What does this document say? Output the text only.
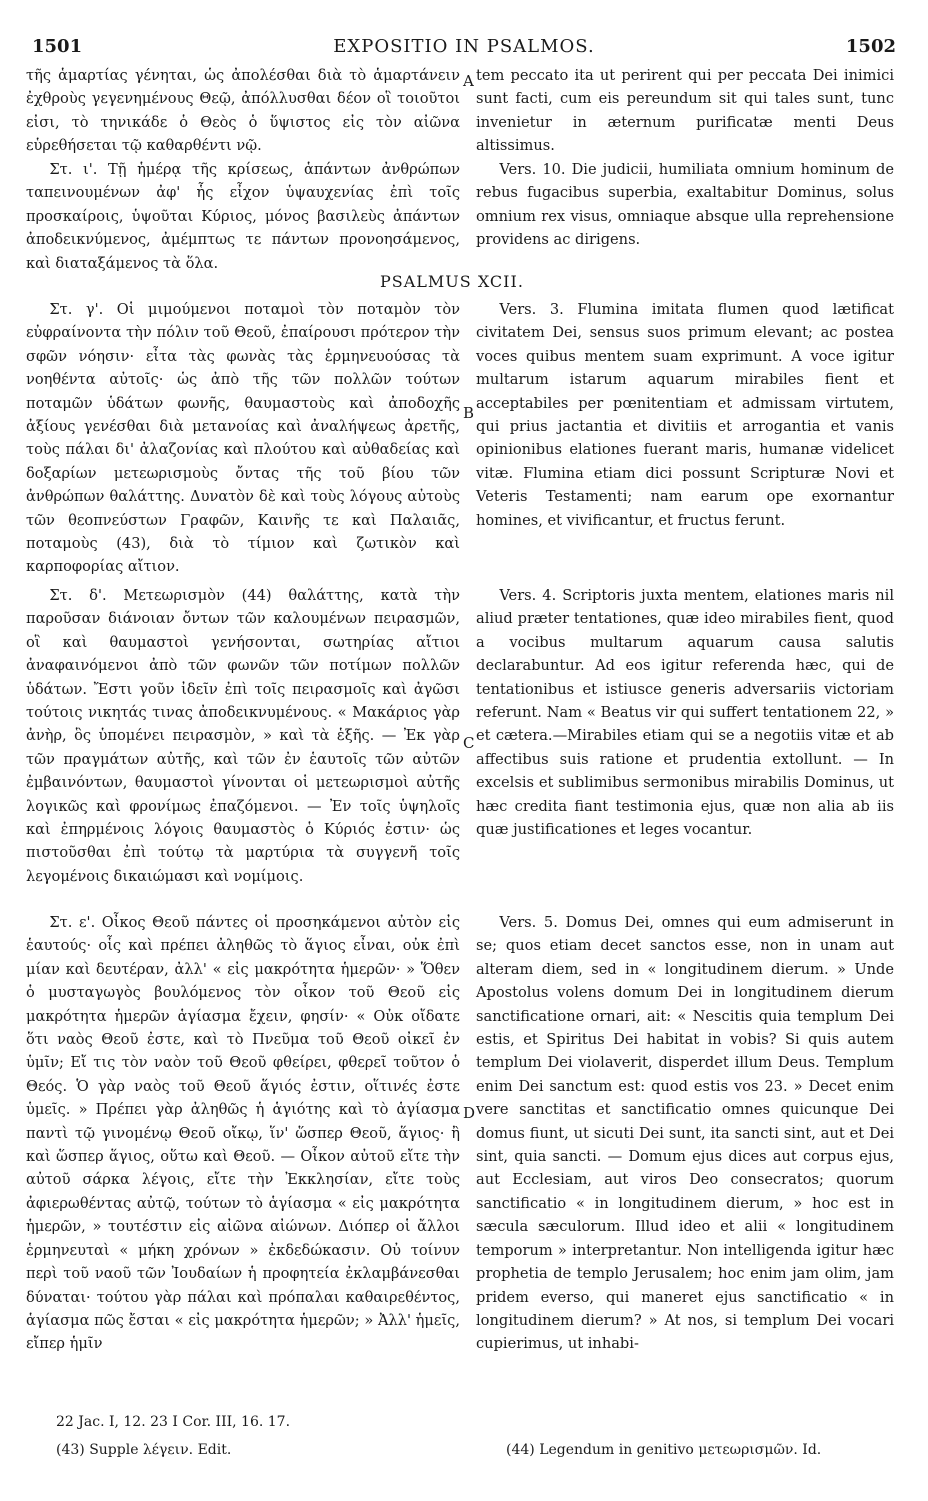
1501	EXPOSITIO IN PSALMOS.	1502

τῆς ἁμαρτίας γένηται, ὡς ἀπολέσθαι διὰ τὸ ἁμαρτάνειν ἐχθροὺς γεγενημένους Θεῷ, ἀπόλλυσθαι δέον οἳ τοιοῦτοι εἰσι, τὸ τηνικάδε ὁ Θεὸς ὁ ὕψιστος εἰς τὸν αἰῶνα εὑρεθήσεται τῷ καθαρθέντι νῷ.

Στ. ι'. Τῇ ἡμέρᾳ τῆς κρίσεως, ἁπάντων ἀνθρώπων ταπεινουμένων ἀφ' ἧς εἶχον ὑψαυχενίας ἐπὶ τοῖς προσκαίροις, ὑψοῦται Κύριος, μόνος βασιλεὺς ἀπάντων ἀποδεικνύμενος, ἀμέμπτως τε πάντων προνοησάμενος, καὶ διαταξάμενος τὰ ὅλα.

Στ. γ'. Οἱ μιμούμενοι ποταμοὶ τὸν ποταμὸν τὸν εὐφραίνοντα τὴν πόλιν τοῦ Θεοῦ, ἐπαίρουσι πρότερον τὴν σφῶν νόησιν· εἶτα τὰς φωνὰς τὰς ἑρμηνευούσας τὰ νοηθέντα αὐτοῖς· ὡς ἀπὸ τῆς τῶν πολλῶν τούτων ποταμῶν ὑδάτων φωνῆς, θαυμαστοὺς καὶ ἀποδοχῆς ἀξίους γενέσθαι διὰ μετανοίας καὶ ἀναλήψεως ἀρετῆς, τοὺς πάλαι δι' ἀλαζονίας καὶ πλούτου καὶ αὐθαδείας καὶ δοξαρίων μετεωρισμοὺς ὄντας τῆς τοῦ βίου τῶν ἀνθρώπων θαλάττης. Δυνατὸν δὲ καὶ τοὺς λόγους αὐτοὺς τῶν θεοπνεύστων Γραφῶν, Καινῆς τε καὶ Παλαιᾶς, ποταμοὺς (43), διὰ τὸ τίμιον καὶ ζωτικὸν καὶ καρποφορίας αἴτιον.

Στ. δ'. Μετεωρισμὸν (44) θαλάττης, κατὰ τὴν παροῦσαν διάνοιαν ὄντων τῶν καλουμένων πειρασμῶν, οἳ καὶ θαυμαστοὶ γενήσονται, σωτηρίας αἴτιοι ἀναφαινόμενοι ἀπὸ τῶν φωνῶν τῶν ποτίμων πολλῶν ὑδάτων. Ἔστι γοῦν ἰδεῖν ἐπὶ τοῖς πειρασμοῖς καὶ ἀγῶσι τούτοις νικητάς τινας ἀποδεικνυμένους. « Μακάριος γὰρ ἀνὴρ, ὃς ὑπομένει πειρασμὸν, » καὶ τὰ ἑξῆς. — Ἐκ γὰρ τῶν πραγμάτων αὐτῆς, καὶ τῶν ἐν ἑαυτοῖς τῶν αὐτῶν ἐμβαινόντων, θαυμαστοὶ γίνονται οἱ μετεωρισμοὶ αὐτῆς λογικῶς καὶ φρονίμως ἐπαζόμενοι. — Ἐν τοῖς ὑψηλοῖς καὶ ἐπηρμένοις λόγοις θαυμαστὸς ὁ Κύριός ἐστιν· ὡς πιστοῦσθαι ἐπὶ τούτῳ τὰ μαρτύρια τὰ συγγενῆ τοῖς λεγομένοις δικαιώμασι καὶ νομίμοις.

Στ. ε'. Οἶκος Θεοῦ πάντες οἱ προσηκάμενοι αὐτὸν εἰς ἑαυτούς· οἷς καὶ πρέπει ἀληθῶς τὸ ἅγιος εἶναι, οὐκ ἐπὶ μίαν καὶ δευτέραν, ἀλλ' « εἰς μακρότητα ἡμερῶν· » Ὅθεν ὁ μυσταγωγὸς βουλόμενος τὸν οἶκον τοῦ Θεοῦ εἰς μακρότητα ἡμερῶν ἁγίασμα ἔχειν, φησίν· « Οὐκ οἴδατε ὅτι ναὸς Θεοῦ ἐστε, καὶ τὸ Πνεῦμα τοῦ Θεοῦ οἰκεῖ ἐν ὑμῖν; Εἴ τις τὸν ναὸν τοῦ Θεοῦ φθείρει, φθερεῖ τοῦτον ὁ Θεός. Ὁ γὰρ ναὸς τοῦ Θεοῦ ἅγιός ἐστιν, οἵτινές ἐστε ὑμεῖς. » Πρέπει γὰρ ἀληθῶς ἡ ἁγιότης καὶ τὸ ἁγίασμα παντὶ τῷ γινομένῳ Θεοῦ οἴκῳ, ἵν' ὥσπερ Θεοῦ, ἅγιος· ἢ καὶ ὥσπερ ἅγιος, οὕτω καὶ Θεοῦ. — Οἶκον αὐτοῦ εἴτε τὴν αὐτοῦ σάρκα λέγοις, εἴτε τὴν Ἐκκλησίαν, εἴτε τοὺς ἀφιερωθέντας αὐτῷ, τούτων τὸ ἁγίασμα « εἰς μακρότητα ἡμερῶν, » τουτέστιν εἰς αἰῶνα αἰώνων. Διόπερ οἱ ἄλλοι ἑρμηνευταὶ « μήκη χρόνων » ἐκδεδώκασιν. Οὐ τοίνυν περὶ τοῦ ναοῦ τῶν Ἰουδαίων ἡ προφητεία ἐκλαμβάνεσθαι δύναται· τούτου γὰρ πάλαι καὶ πρόπαλαι καθαιρεθέντος, ἁγίασμα πῶς ἔσται « εἰς μακρότητα ἡμερῶν; » Ἀλλ' ἡμεῖς, εἴπερ ἡμῖν

PSALMUS XCII.

tem peccato ita ut perirent qui per peccata Dei inimici sunt facti, cum eis pereundum sit qui tales sunt, tunc invenietur in æternum purificatæ menti Deus altissimus.

Vers. 10. Die judicii, humiliata omnium hominum de rebus fugacibus superbia, exaltabitur Dominus, solus omnium rex visus, omniaque absque ulla reprehensione providens ac dirigens.

Vers. 3. Flumina imitata flumen quod lætificat civitatem Dei, sensus suos primum elevant; ac postea voces quibus mentem suam exprimunt. A voce igitur multarum istarum aquarum mirabiles fient et acceptabiles per pœnitentiam et admissam virtutem, qui prius jactantia et divitiis et arrogantia et vanis opinionibus elationes fuerant maris, humanæ videlicet vitæ. Flumina etiam dici possunt Scripturæ Novi et Veteris Testamenti; nam earum ope exornantur homines, et vivificantur, et fructus ferunt.

Vers. 4. Scriptoris juxta mentem, elationes maris nil aliud præter tentationes, quæ ideo mirabiles fient, quod a vocibus multarum aquarum causa salutis declarabuntur. Ad eos igitur referenda hæc, qui de tentationibus et istiusce generis adversariis victoriam referunt. Nam « Beatus vir qui suffert tentationem 22, » et cætera.—Mirabiles etiam qui se a negotiis vitæ et ab affectibus suis ratione et prudentia extollunt. — In excelsis et sublimibus sermonibus mirabilis Dominus, ut hæc credita fiant testimonia ejus, quæ non alia ab iis quæ justificationes et leges vocantur.

Vers. 5. Domus Dei, omnes qui eum admiserunt in se; quos etiam decet sanctos esse, non in unam aut alteram diem, sed in « longitudinem dierum. » Unde Apostolus volens domum Dei in longitudinem dierum sanctificatione ornari, ait: « Nescitis quia templum Dei estis, et Spiritus Dei habitat in vobis? Si quis autem templum Dei violaverit, disperdet illum Deus. Templum enim Dei sanctum est: quod estis vos 23. » Decet enim vere sanctitas et sanctificatio omnes quicunque Dei domus fiunt, ut sicuti Dei sunt, ita sancti sint, aut et Dei sint, quia sancti. — Domum ejus dices aut corpus ejus, aut Ecclesiam, aut viros Deo consecratos; quorum sanctificatio « in longitudinem dierum, » hoc est in sæcula sæculorum. Illud ideo et alii « longitudinem temporum » interpretantur. Non intelligenda igitur hæc prophetia de templo Jerusalem; hoc enim jam olim, jam pridem everso, qui maneret ejus sanctificatio « in longitudinem dierum? » At nos, si templum Dei vocari cupierimus, ut inhabi-

A
B
C
D
22 Jac. I, 12. 23 I Cor. III, 16. 17.
(43) Supple λέγειν. Edit.	(44) Legendum in genitivo μετεωρισμῶν. Id.
